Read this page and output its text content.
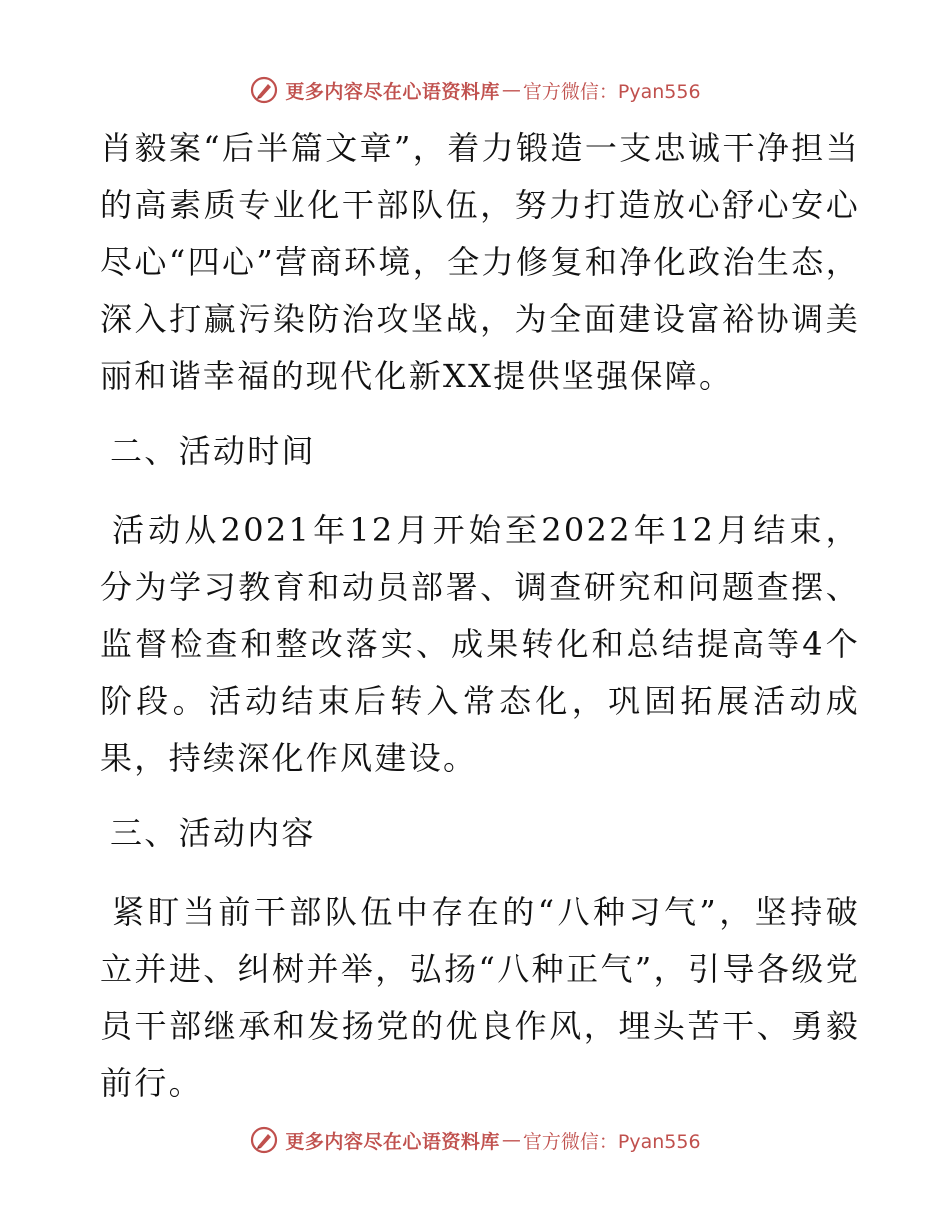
更多内容尽在心语资料库 — 官方微信：Pyan556

肖毅案“后半篇文章”，着力锻造一支忠诚干净担当的高素质专业化干部队伍，努力打造放心舒心安心尽心“四心”营商环境，全力修复和净化政治生态，深入打赢污染防治攻坚战，为全面建设富裕协调美丽和谐幸福的现代化新XX提供坚强保障。

二、活动时间

活动从2021年12月开始至2022年12月结束，分为学习教育和动员部署、调查研究和问题查摆、监督检查和整改落实、成果转化和总结提高等4个阶段。活动结束后转入常态化，巩固拓展活动成果，持续深化作风建设。

三、活动内容

紧盯当前干部队伍中存在的“八种习气”，坚持破立并进、纠树并举，弘扬“八种正气”，引导各级党员干部继承和发扬党的优良作风，埋头苦干、勇毅前行。

更多内容尽在心语资料库 — 官方微信：Pyan556
